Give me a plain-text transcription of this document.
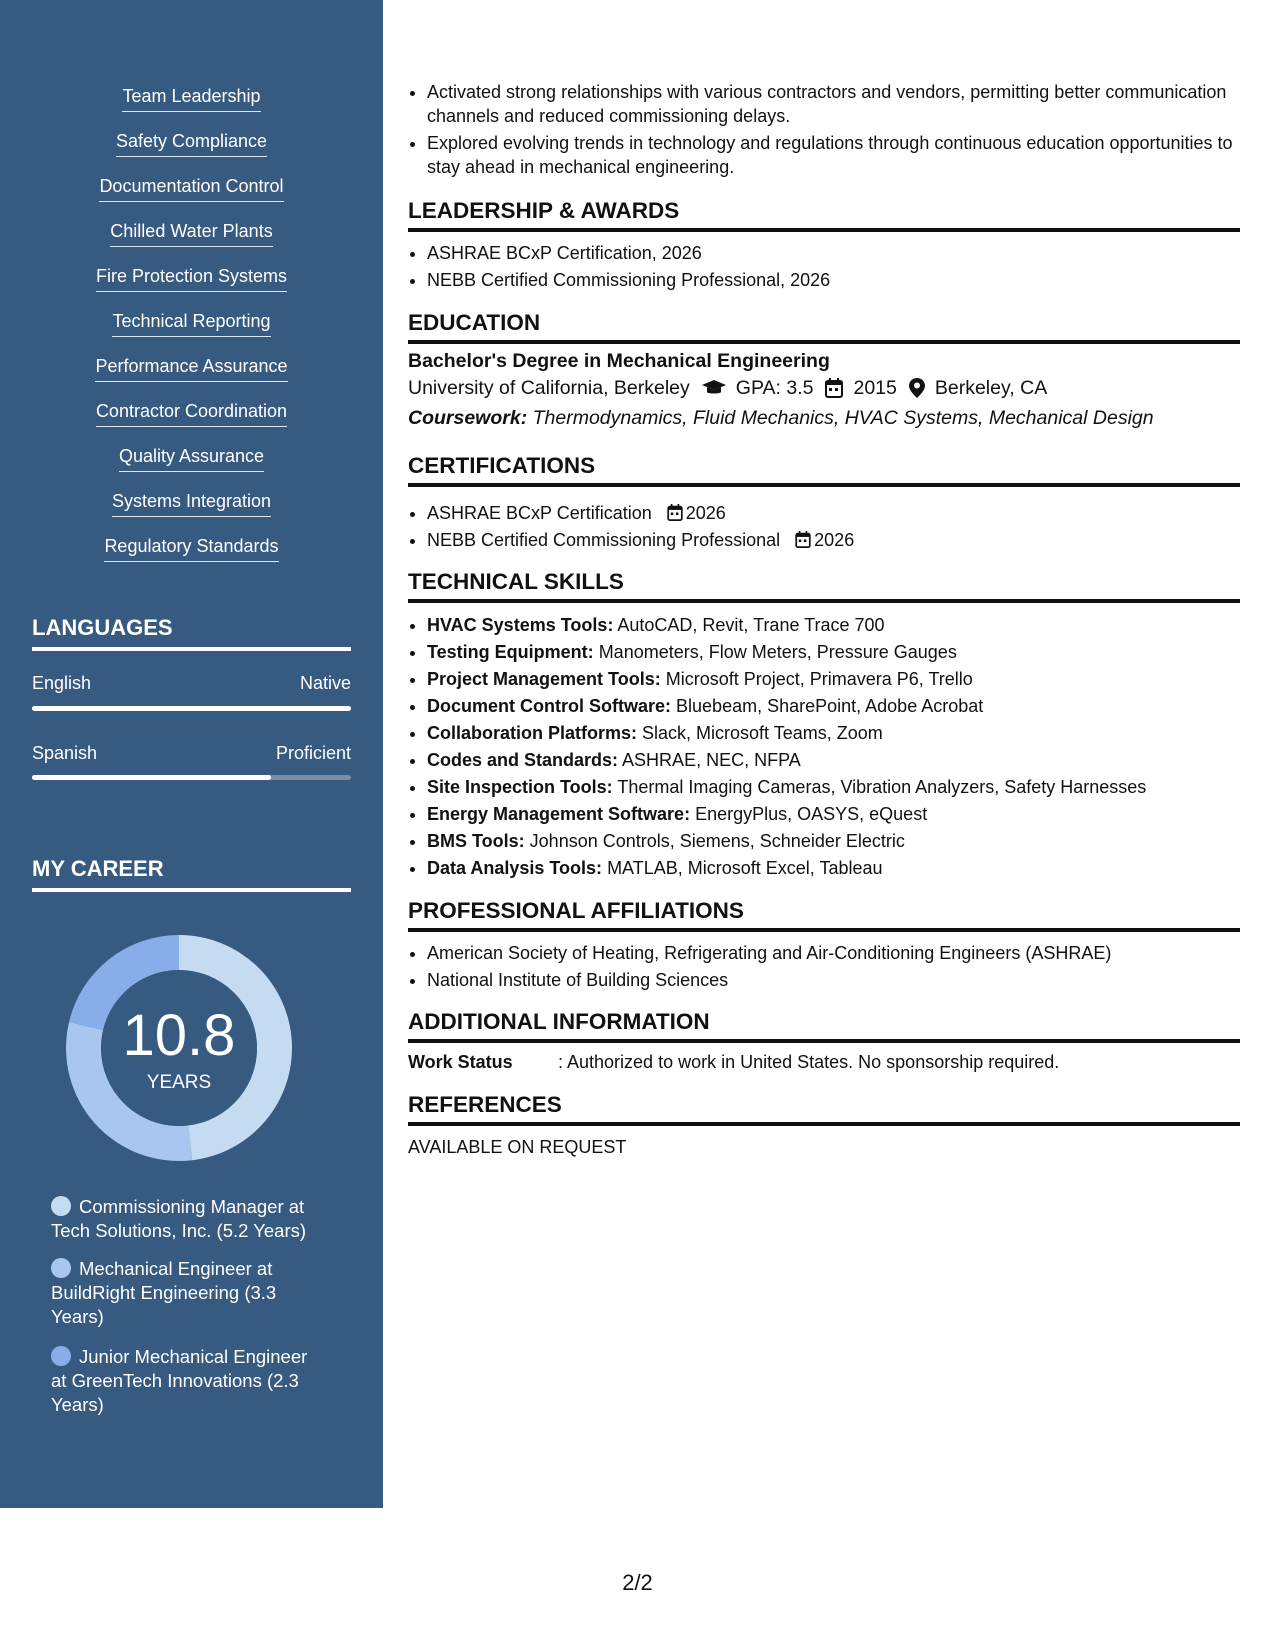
Team Leadership
Safety Compliance
Documentation Control
Chilled Water Plants
Fire Protection Systems
Technical Reporting
Performance Assurance
Contractor Coordination
Quality Assurance
Systems Integration
Regulatory Standards
LANGUAGES
English	Native
Spanish	Proficient
MY CAREER
10.8
YEARS
Commissioning Manager at Tech Solutions, Inc. (5.2 Years)
Mechanical Engineer at BuildRight Engineering (3.3 Years)
Junior Mechanical Engineer at GreenTech Innovations (2.3 Years)
• Activated strong relationships with various contractors and vendors, permitting better communication channels and reduced commissioning delays.
• Explored evolving trends in technology and regulations through continuous education opportunities to stay ahead in mechanical engineering.
LEADERSHIP & AWARDS
• ASHRAE BCxP Certification, 2026
• NEBB Certified Commissioning Professional, 2026
EDUCATION
Bachelor's Degree in Mechanical Engineering
University of California, Berkeley GPA: 3.5 2015 Berkeley, CA
Coursework: Thermodynamics, Fluid Mechanics, HVAC Systems, Mechanical Design
CERTIFICATIONS
• ASHRAE BCxP Certification 2026
• NEBB Certified Commissioning Professional 2026
TECHNICAL SKILLS
• HVAC Systems Tools: AutoCAD, Revit, Trane Trace 700
• Testing Equipment: Manometers, Flow Meters, Pressure Gauges
• Project Management Tools: Microsoft Project, Primavera P6, Trello
• Document Control Software: Bluebeam, SharePoint, Adobe Acrobat
• Collaboration Platforms: Slack, Microsoft Teams, Zoom
• Codes and Standards: ASHRAE, NEC, NFPA
• Site Inspection Tools: Thermal Imaging Cameras, Vibration Analyzers, Safety Harnesses
• Energy Management Software: EnergyPlus, OASYS, eQuest
• BMS Tools: Johnson Controls, Siemens, Schneider Electric
• Data Analysis Tools: MATLAB, Microsoft Excel, Tableau
PROFESSIONAL AFFILIATIONS
• American Society of Heating, Refrigerating and Air-Conditioning Engineers (ASHRAE)
• National Institute of Building Sciences
ADDITIONAL INFORMATION
Work Status	: Authorized to work in United States. No sponsorship required.
REFERENCES
AVAILABLE ON REQUEST
2/2
